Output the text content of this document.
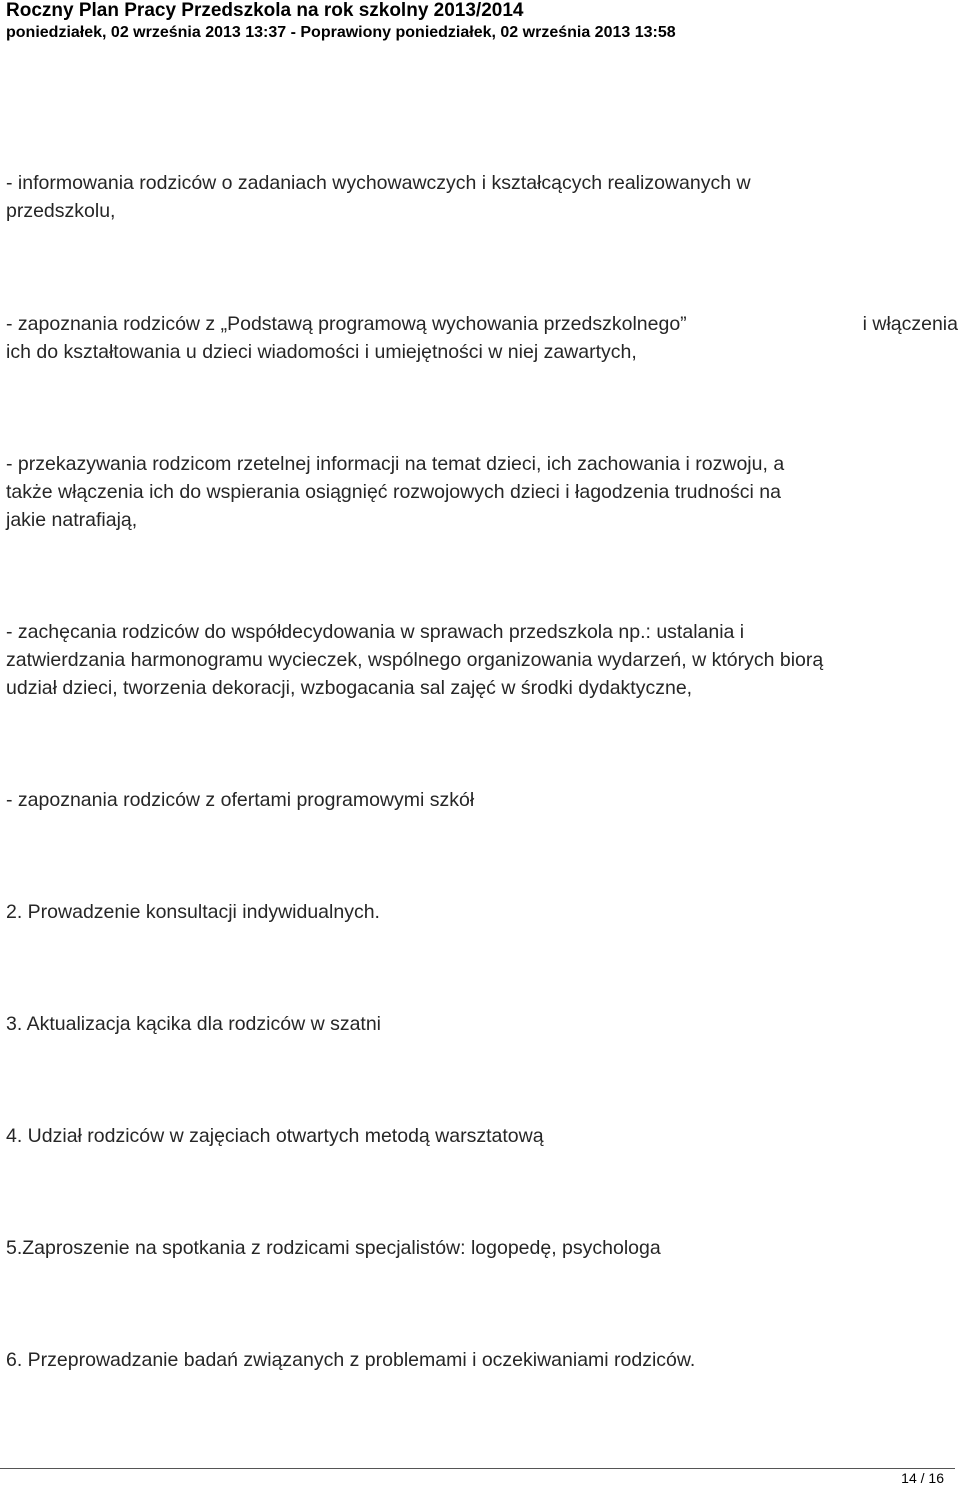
Roczny Plan Pracy Przedszkola na rok szkolny 2013/2014
poniedziałek, 02 września 2013 13:37 - Poprawiony poniedziałek, 02 września 2013 13:58
- informowania rodziców o zadaniach wychowawczych i kształcących realizowanych w
przedszkolu,
- zapoznania rodziców z „Podstawą programową wychowania przedszkolnego”	i włączenia
ich do kształtowania u dzieci wiadomości i umiejętności w niej zawartych,
- przekazywania rodzicom rzetelnej informacji na temat dzieci, ich zachowania i rozwoju, a
także włączenia ich do wspierania osiągnięć rozwojowych dzieci i łagodzenia trudności na
jakie natrafiają,
- zachęcania rodziców do współdecydowania w sprawach przedszkola np.: ustalania i
zatwierdzania harmonogramu wycieczek, wspólnego organizowania wydarzeń, w których biorą
udział dzieci, tworzenia dekoracji, wzbogacania sal zajęć w środki dydaktyczne,
- zapoznania rodziców z ofertami programowymi szkół
2. Prowadzenie konsultacji indywidualnych.
3. Aktualizacja kącika dla rodziców w szatni
4. Udział rodziców w zajęciach otwartych metodą warsztatową
5.Zaproszenie na spotkania z rodzicami specjalistów: logopedę, psychologa
6. Przeprowadzanie badań związanych z problemami i oczekiwaniami rodziców.
14 / 16
